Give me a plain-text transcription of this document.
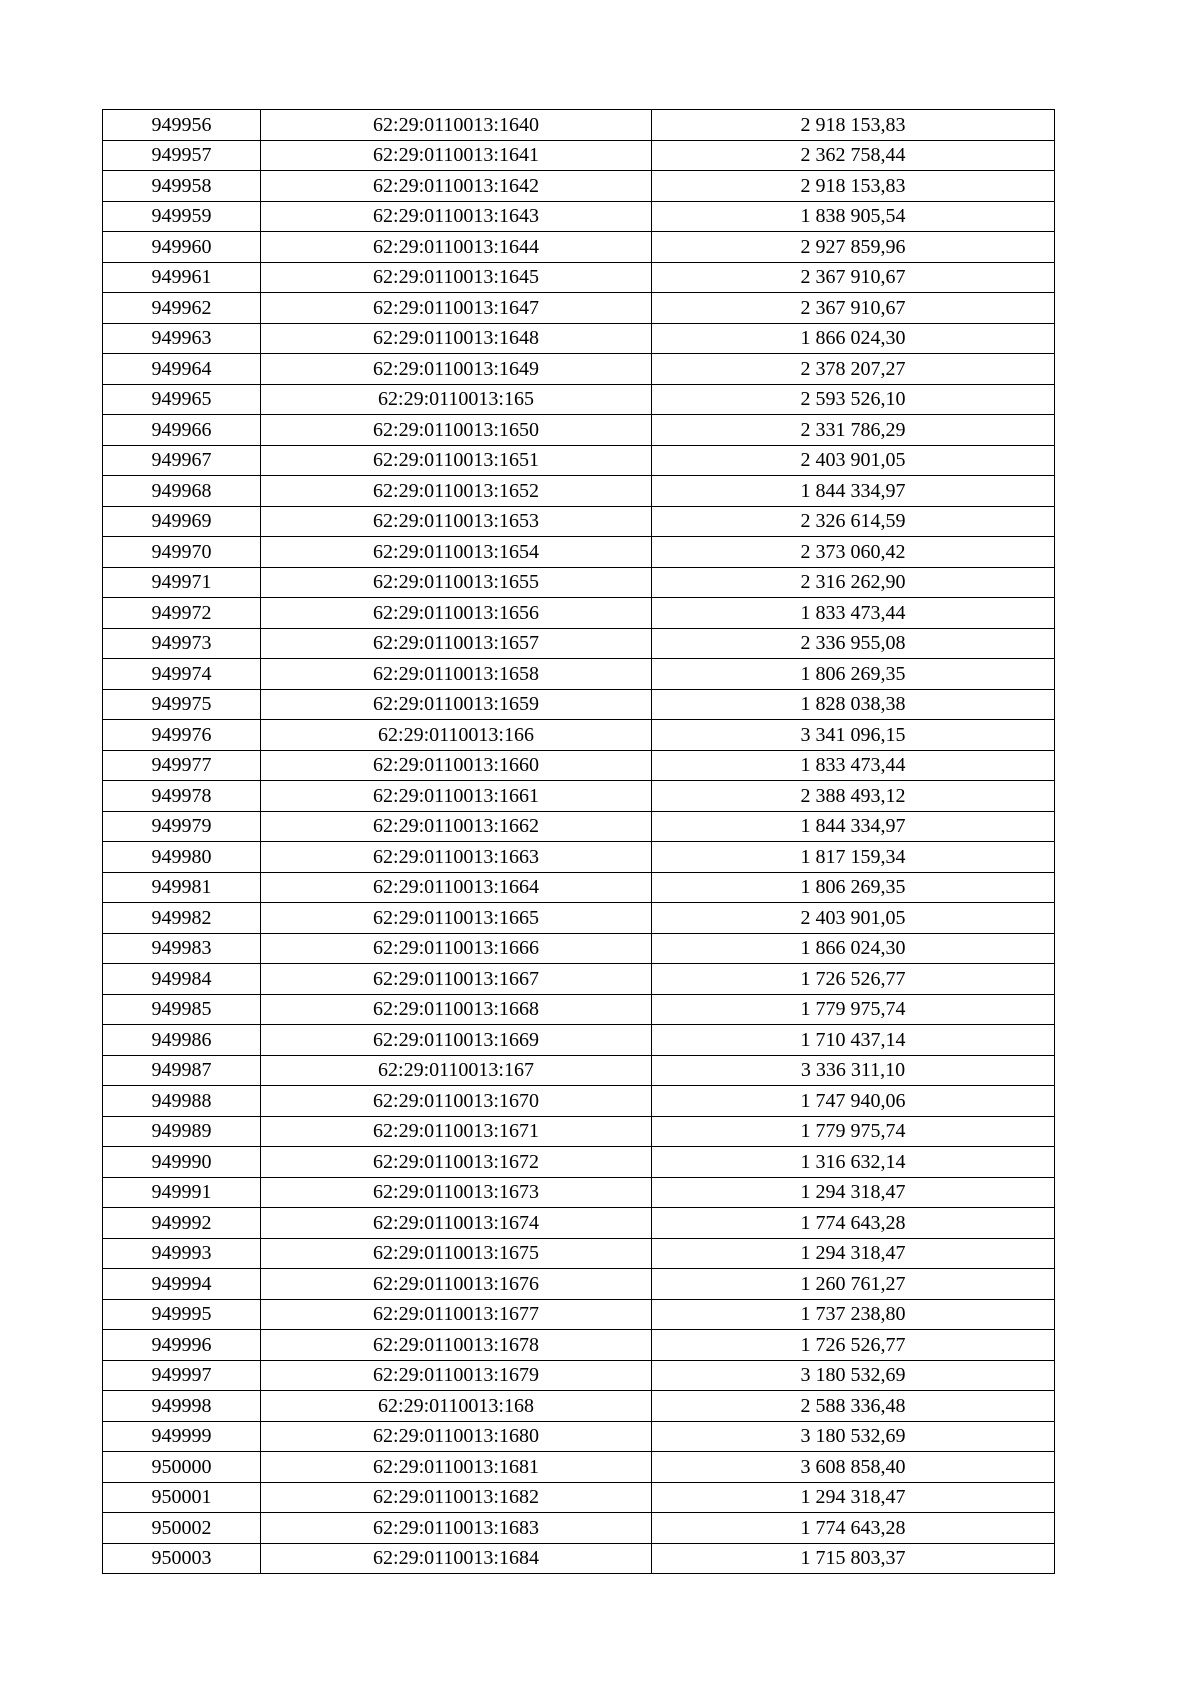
949956	62:29:0110013:1640	2 918 153,83
949957	62:29:0110013:1641	2 362 758,44
949958	62:29:0110013:1642	2 918 153,83
949959	62:29:0110013:1643	1 838 905,54
949960	62:29:0110013:1644	2 927 859,96
949961	62:29:0110013:1645	2 367 910,67
949962	62:29:0110013:1647	2 367 910,67
949963	62:29:0110013:1648	1 866 024,30
949964	62:29:0110013:1649	2 378 207,27
949965	62:29:0110013:165	2 593 526,10
949966	62:29:0110013:1650	2 331 786,29
949967	62:29:0110013:1651	2 403 901,05
949968	62:29:0110013:1652	1 844 334,97
949969	62:29:0110013:1653	2 326 614,59
949970	62:29:0110013:1654	2 373 060,42
949971	62:29:0110013:1655	2 316 262,90
949972	62:29:0110013:1656	1 833 473,44
949973	62:29:0110013:1657	2 336 955,08
949974	62:29:0110013:1658	1 806 269,35
949975	62:29:0110013:1659	1 828 038,38
949976	62:29:0110013:166	3 341 096,15
949977	62:29:0110013:1660	1 833 473,44
949978	62:29:0110013:1661	2 388 493,12
949979	62:29:0110013:1662	1 844 334,97
949980	62:29:0110013:1663	1 817 159,34
949981	62:29:0110013:1664	1 806 269,35
949982	62:29:0110013:1665	2 403 901,05
949983	62:29:0110013:1666	1 866 024,30
949984	62:29:0110013:1667	1 726 526,77
949985	62:29:0110013:1668	1 779 975,74
949986	62:29:0110013:1669	1 710 437,14
949987	62:29:0110013:167	3 336 311,10
949988	62:29:0110013:1670	1 747 940,06
949989	62:29:0110013:1671	1 779 975,74
949990	62:29:0110013:1672	1 316 632,14
949991	62:29:0110013:1673	1 294 318,47
949992	62:29:0110013:1674	1 774 643,28
949993	62:29:0110013:1675	1 294 318,47
949994	62:29:0110013:1676	1 260 761,27
949995	62:29:0110013:1677	1 737 238,80
949996	62:29:0110013:1678	1 726 526,77
949997	62:29:0110013:1679	3 180 532,69
949998	62:29:0110013:168	2 588 336,48
949999	62:29:0110013:1680	3 180 532,69
950000	62:29:0110013:1681	3 608 858,40
950001	62:29:0110013:1682	1 294 318,47
950002	62:29:0110013:1683	1 774 643,28
950003	62:29:0110013:1684	1 715 803,37
